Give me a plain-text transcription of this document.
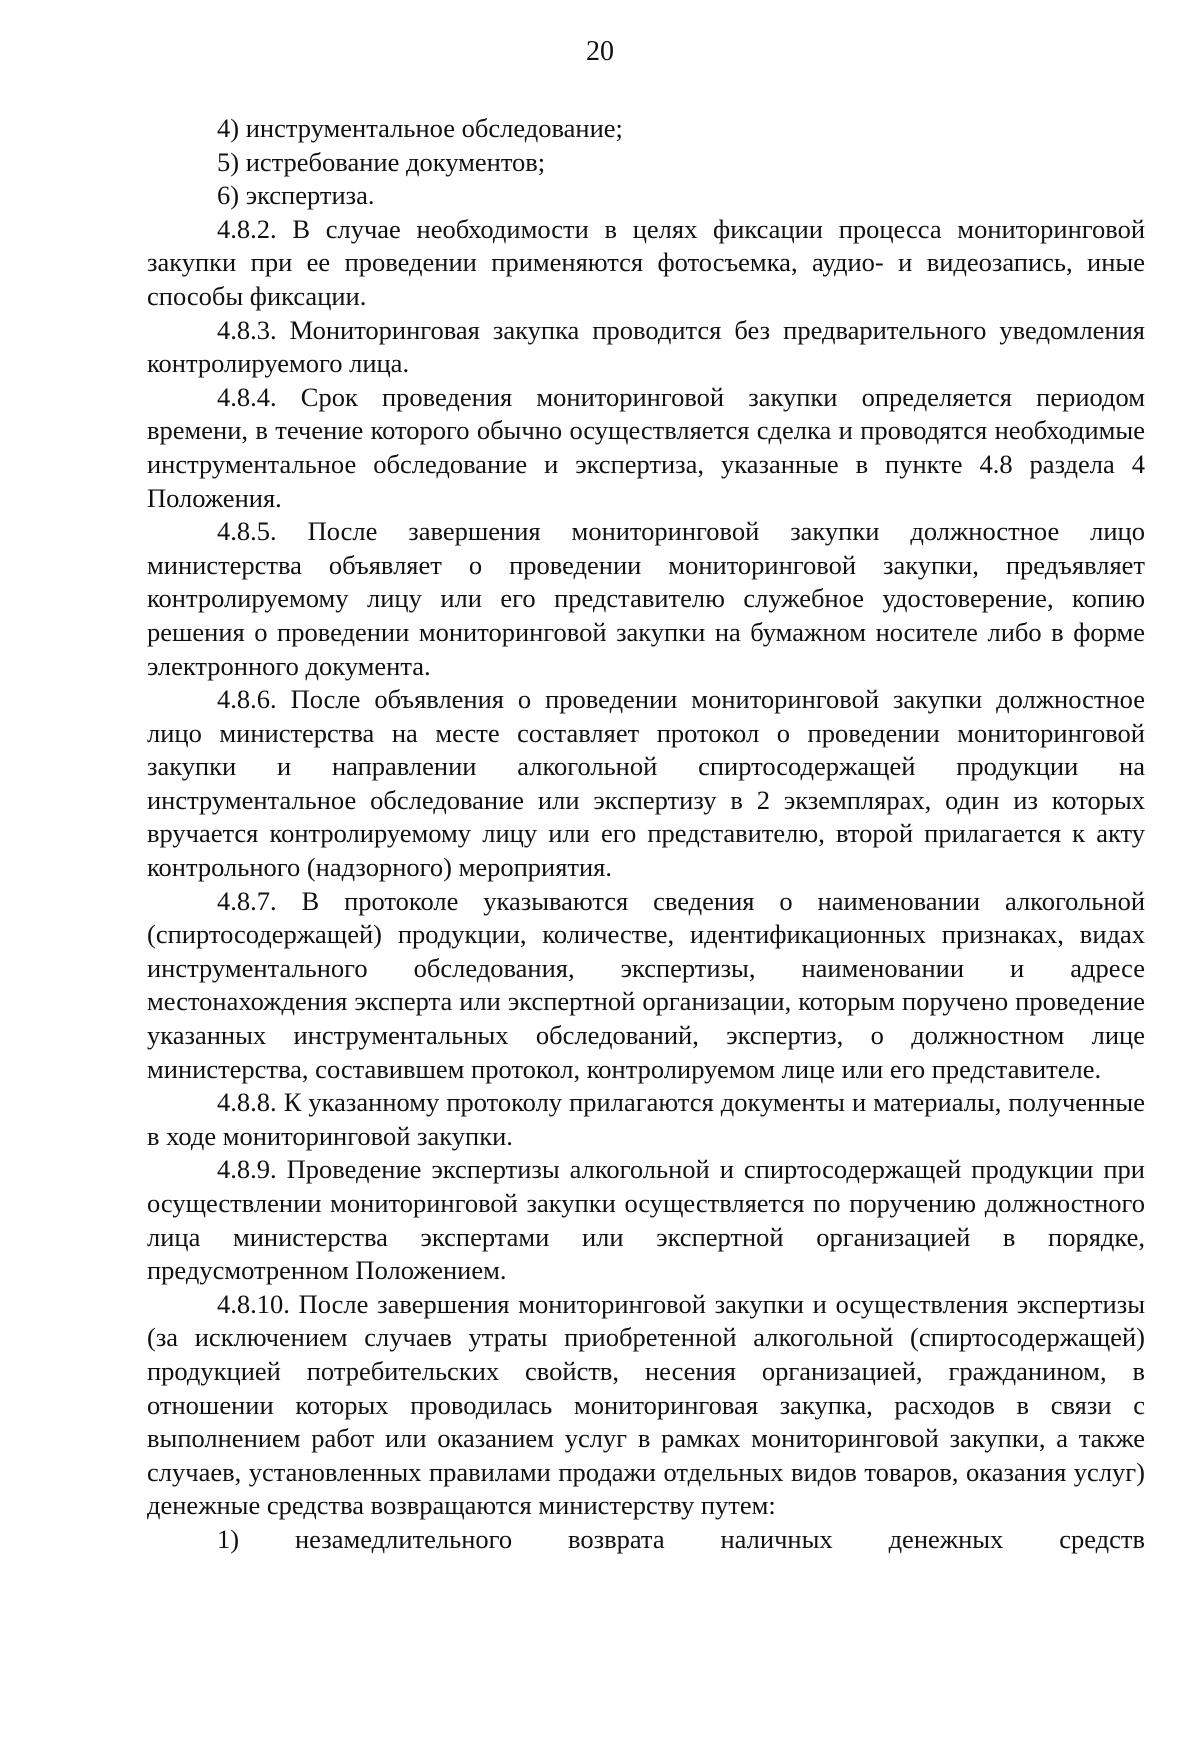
20

4) инструментальное обследование;

5) истребование документов;

6) экспертиза.

4.8.2. В случае необходимости в целях фиксации процесса мониторинговой закупки при ее проведении применяются фотосъемка, аудио- и видеозапись, иные способы фиксации.

4.8.3. Мониторинговая закупка проводится без предварительного уведомления контролируемого лица.

4.8.4. Срок проведения мониторинговой закупки определяется периодом времени, в течение которого обычно осуществляется сделка и проводятся необходимые инструментальное обследование и экспертиза, указанные в пункте 4.8 раздела 4 Положения.

4.8.5. После завершения мониторинговой закупки должностное лицо министерства объявляет о проведении мониторинговой закупки, предъявляет контролируемому лицу или его представителю служебное удостоверение, копию решения о проведении мониторинговой закупки на бумажном носителе либо в форме электронного документа.

4.8.6. После объявления о проведении мониторинговой закупки должностное лицо министерства на месте составляет протокол о проведении мониторинговой закупки и направлении алкогольной спиртосодержащей продукции на инструментальное обследование или экспертизу в 2 экземплярах, один из которых вручается контролируемому лицу или его представителю, второй прилагается к акту контрольного (надзорного) мероприятия.

4.8.7. В протоколе указываются сведения о наименовании алкогольной (спиртосодержащей) продукции, количестве, идентификационных признаках, видах инструментального обследования, экспертизы, наименовании и адресе местонахождения эксперта или экспертной организации, которым поручено проведение указанных инструментальных обследований, экспертиз, о должностном лице министерства, составившем протокол, контролируемом лице или его представителе.

4.8.8. К указанному протоколу прилагаются документы и материалы, полученные в ходе мониторинговой закупки.

4.8.9. Проведение экспертизы алкогольной и спиртосодержащей продукции при осуществлении мониторинговой закупки осуществляется по поручению должностного лица министерства экспертами или экспертной организацией в порядке, предусмотренном Положением.

4.8.10. После завершения мониторинговой закупки и осуществления экспертизы (за исключением случаев утраты приобретенной алкогольной (спиртосодержащей) продукцией потребительских свойств, несения организацией, гражданином, в отношении которых проводилась мониторинговая закупка, расходов в связи с выполнением работ или оказанием услуг в рамках мониторинговой закупки, а также случаев, установленных правилами продажи отдельных видов товаров, оказания услуг) денежные средства возвращаются министерству путем:

1) незамедлительного возврата наличных денежных средств
